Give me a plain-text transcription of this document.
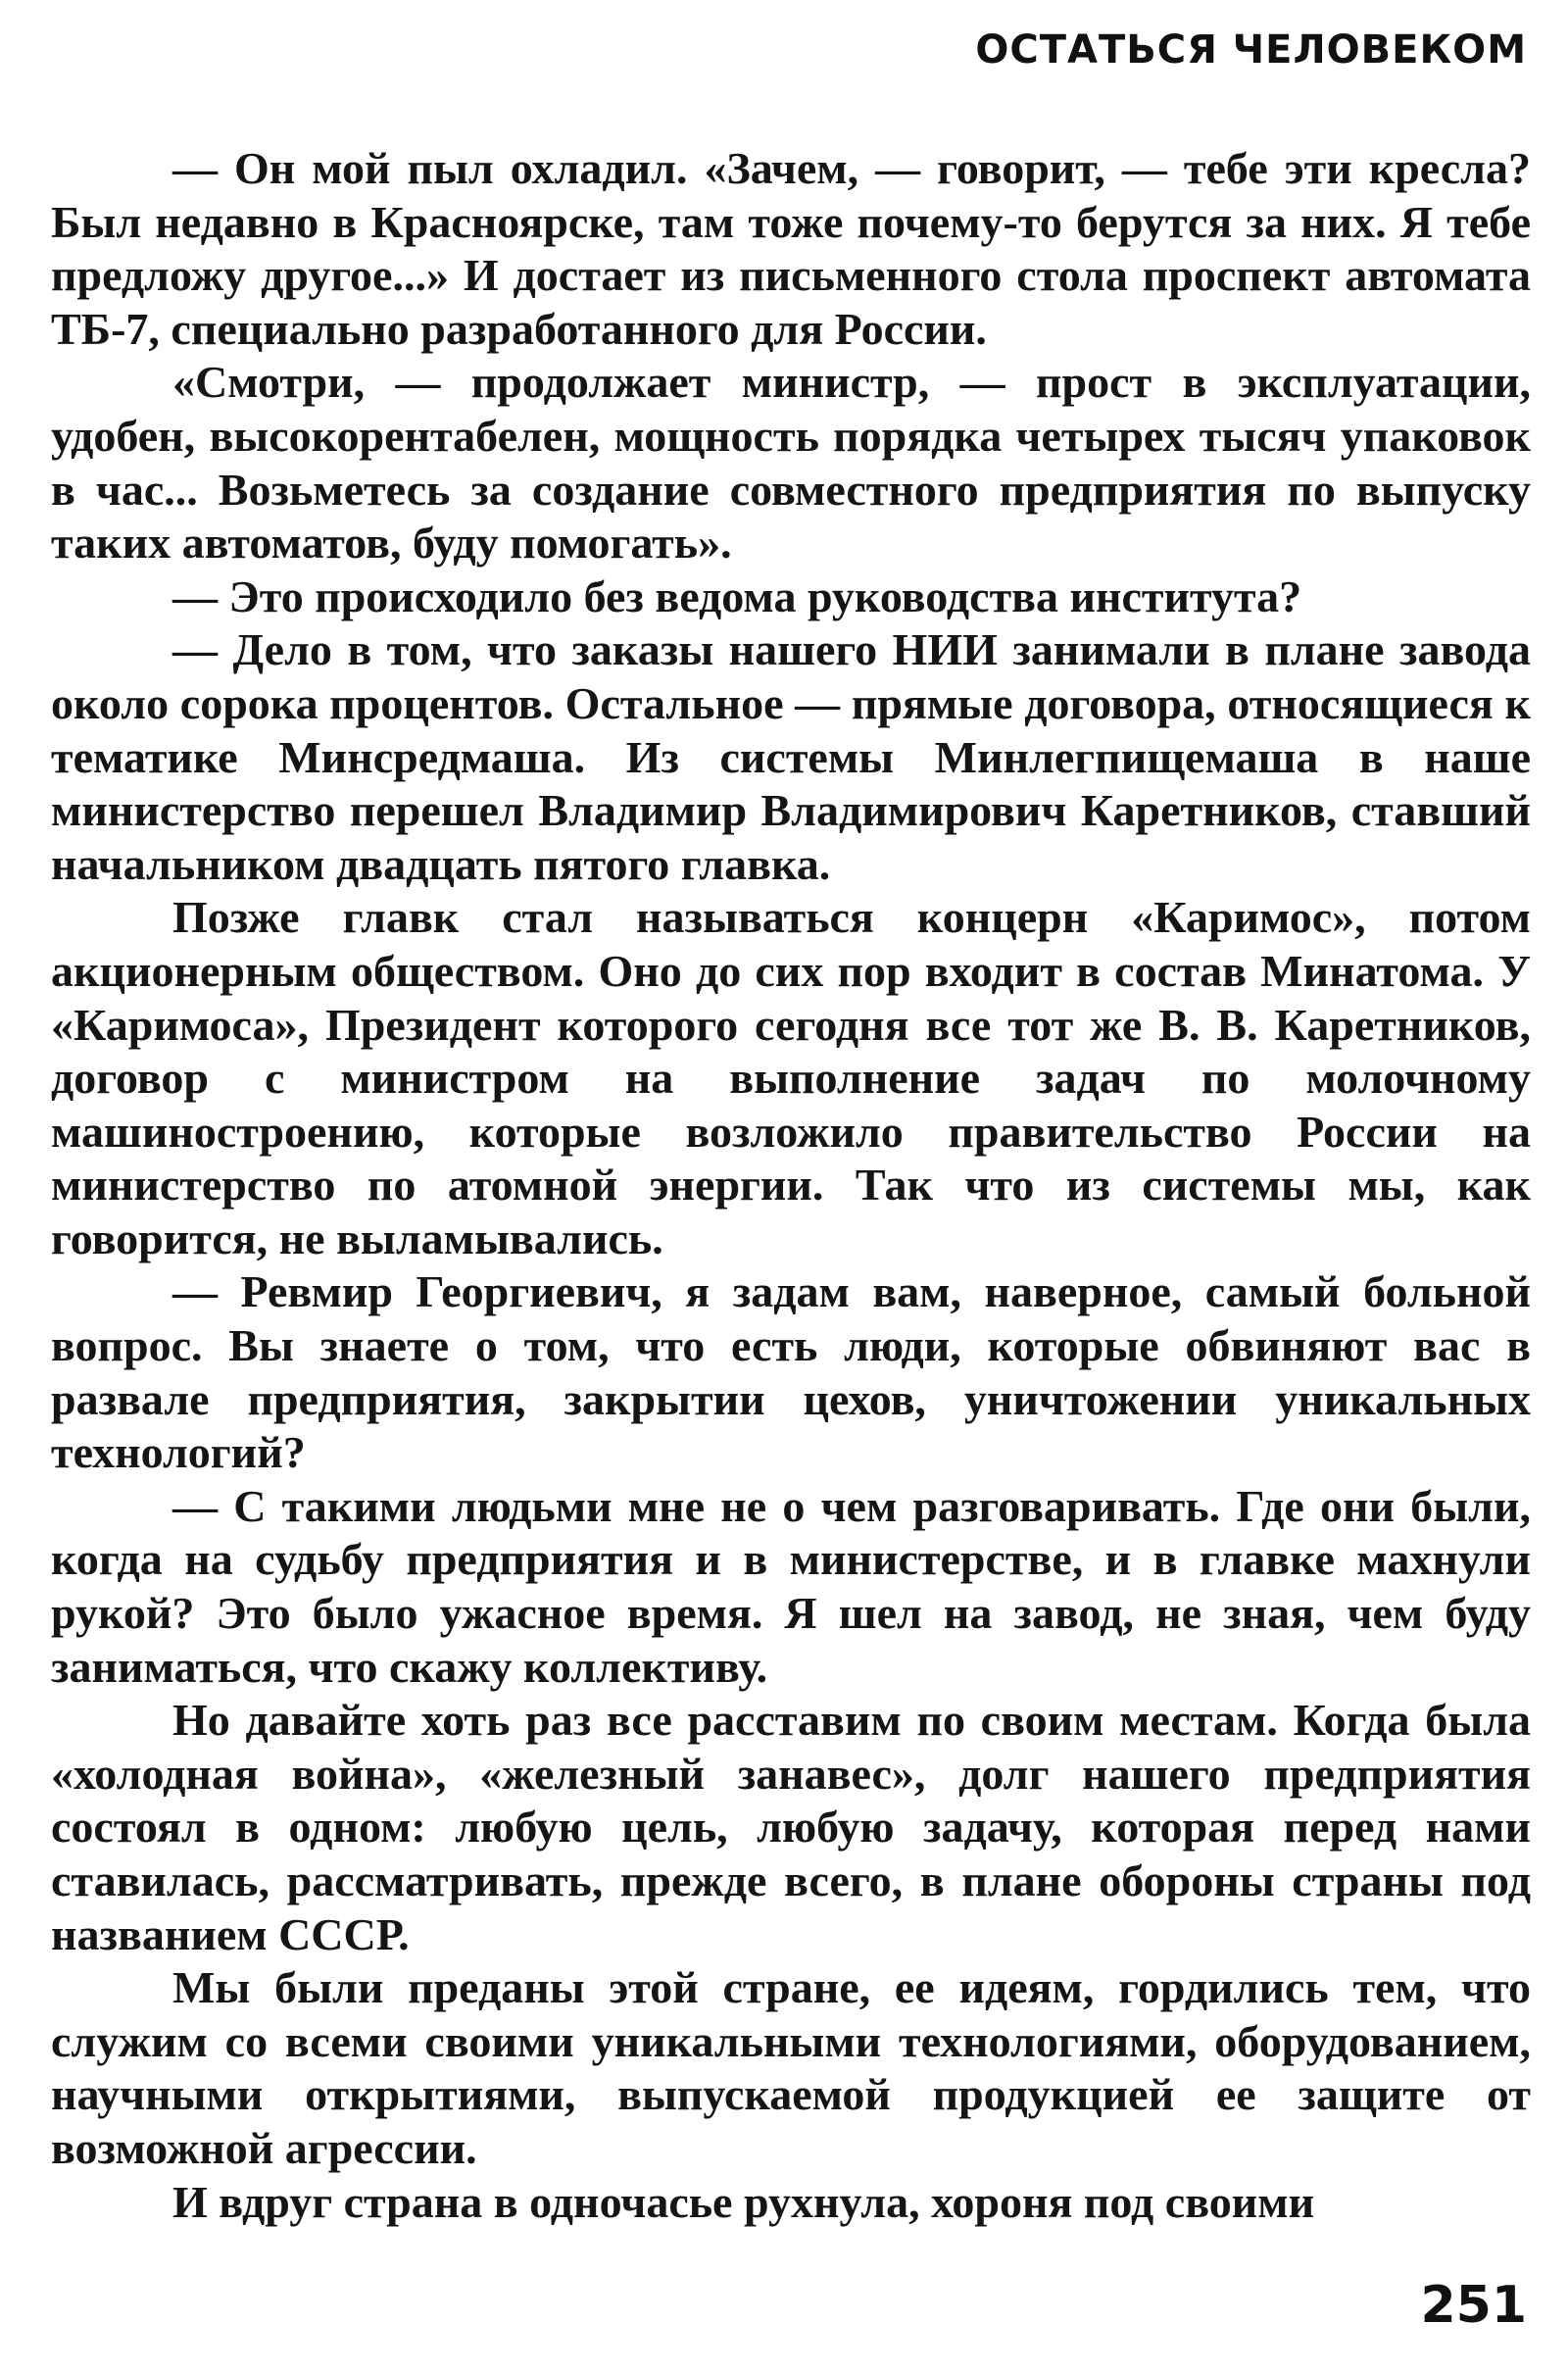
ОСТАТЬСЯ ЧЕЛОВЕКОМ

— Он мой пыл охладил. «Зачем, — говорит, — тебе эти кресла? Был недавно в Красноярске, там тоже почему-то берутся за них. Я тебе предложу другое...» И достает из письменного стола проспект автомата ТБ-7, специально разработанного для России.

«Смотри, — продолжает министр, — прост в эксплуатации, удобен, высокорентабелен, мощность порядка четырех тысяч упаковок в час... Возьметесь за создание совместного предприятия по выпуску таких автоматов, буду помогать».

— Это происходило без ведома руководства института?

— Дело в том, что заказы нашего НИИ занимали в плане завода около сорока процентов. Остальное — прямые договора, относящиеся к тематике Минсредмаша. Из системы Минлегпищемаша в наше министерство перешел Владимир Владимирович Каретников, ставший начальником двадцать пятого главка.

Позже главк стал называться концерн «Каримос», потом акционерным обществом. Оно до сих пор входит в состав Минатома. У «Каримоса», Президент которого сегодня все тот же В. В. Каретников, договор с министром на выполнение задач по молочному машиностроению, которые возложило правительство России на министерство по атомной энергии. Так что из системы мы, как говорится, не выламывались.

— Ревмир Георгиевич, я задам вам, наверное, самый больной вопрос. Вы знаете о том, что есть люди, которые обвиняют вас в развале предприятия, закрытии цехов, уничтожении уникальных технологий?

— С такими людьми мне не о чем разговаривать. Где они были, когда на судьбу предприятия и в министерстве, и в главке махнули рукой? Это было ужасное время. Я шел на завод, не зная, чем буду заниматься, что скажу коллективу.

Но давайте хоть раз все расставим по своим местам. Когда была «холодная война», «железный занавес», долг нашего предприятия состоял в одном: любую цель, любую задачу, которая перед нами ставилась, рассматривать, прежде всего, в плане обороны страны под названием СССР.

Мы были преданы этой стране, ее идеям, гордились тем, что служим со всеми своими уникальными технологиями, оборудованием, научными открытиями, выпускаемой продукцией ее защите от возможной агрессии.

И вдруг страна в одночасье рухнула, хороня под своими

251
